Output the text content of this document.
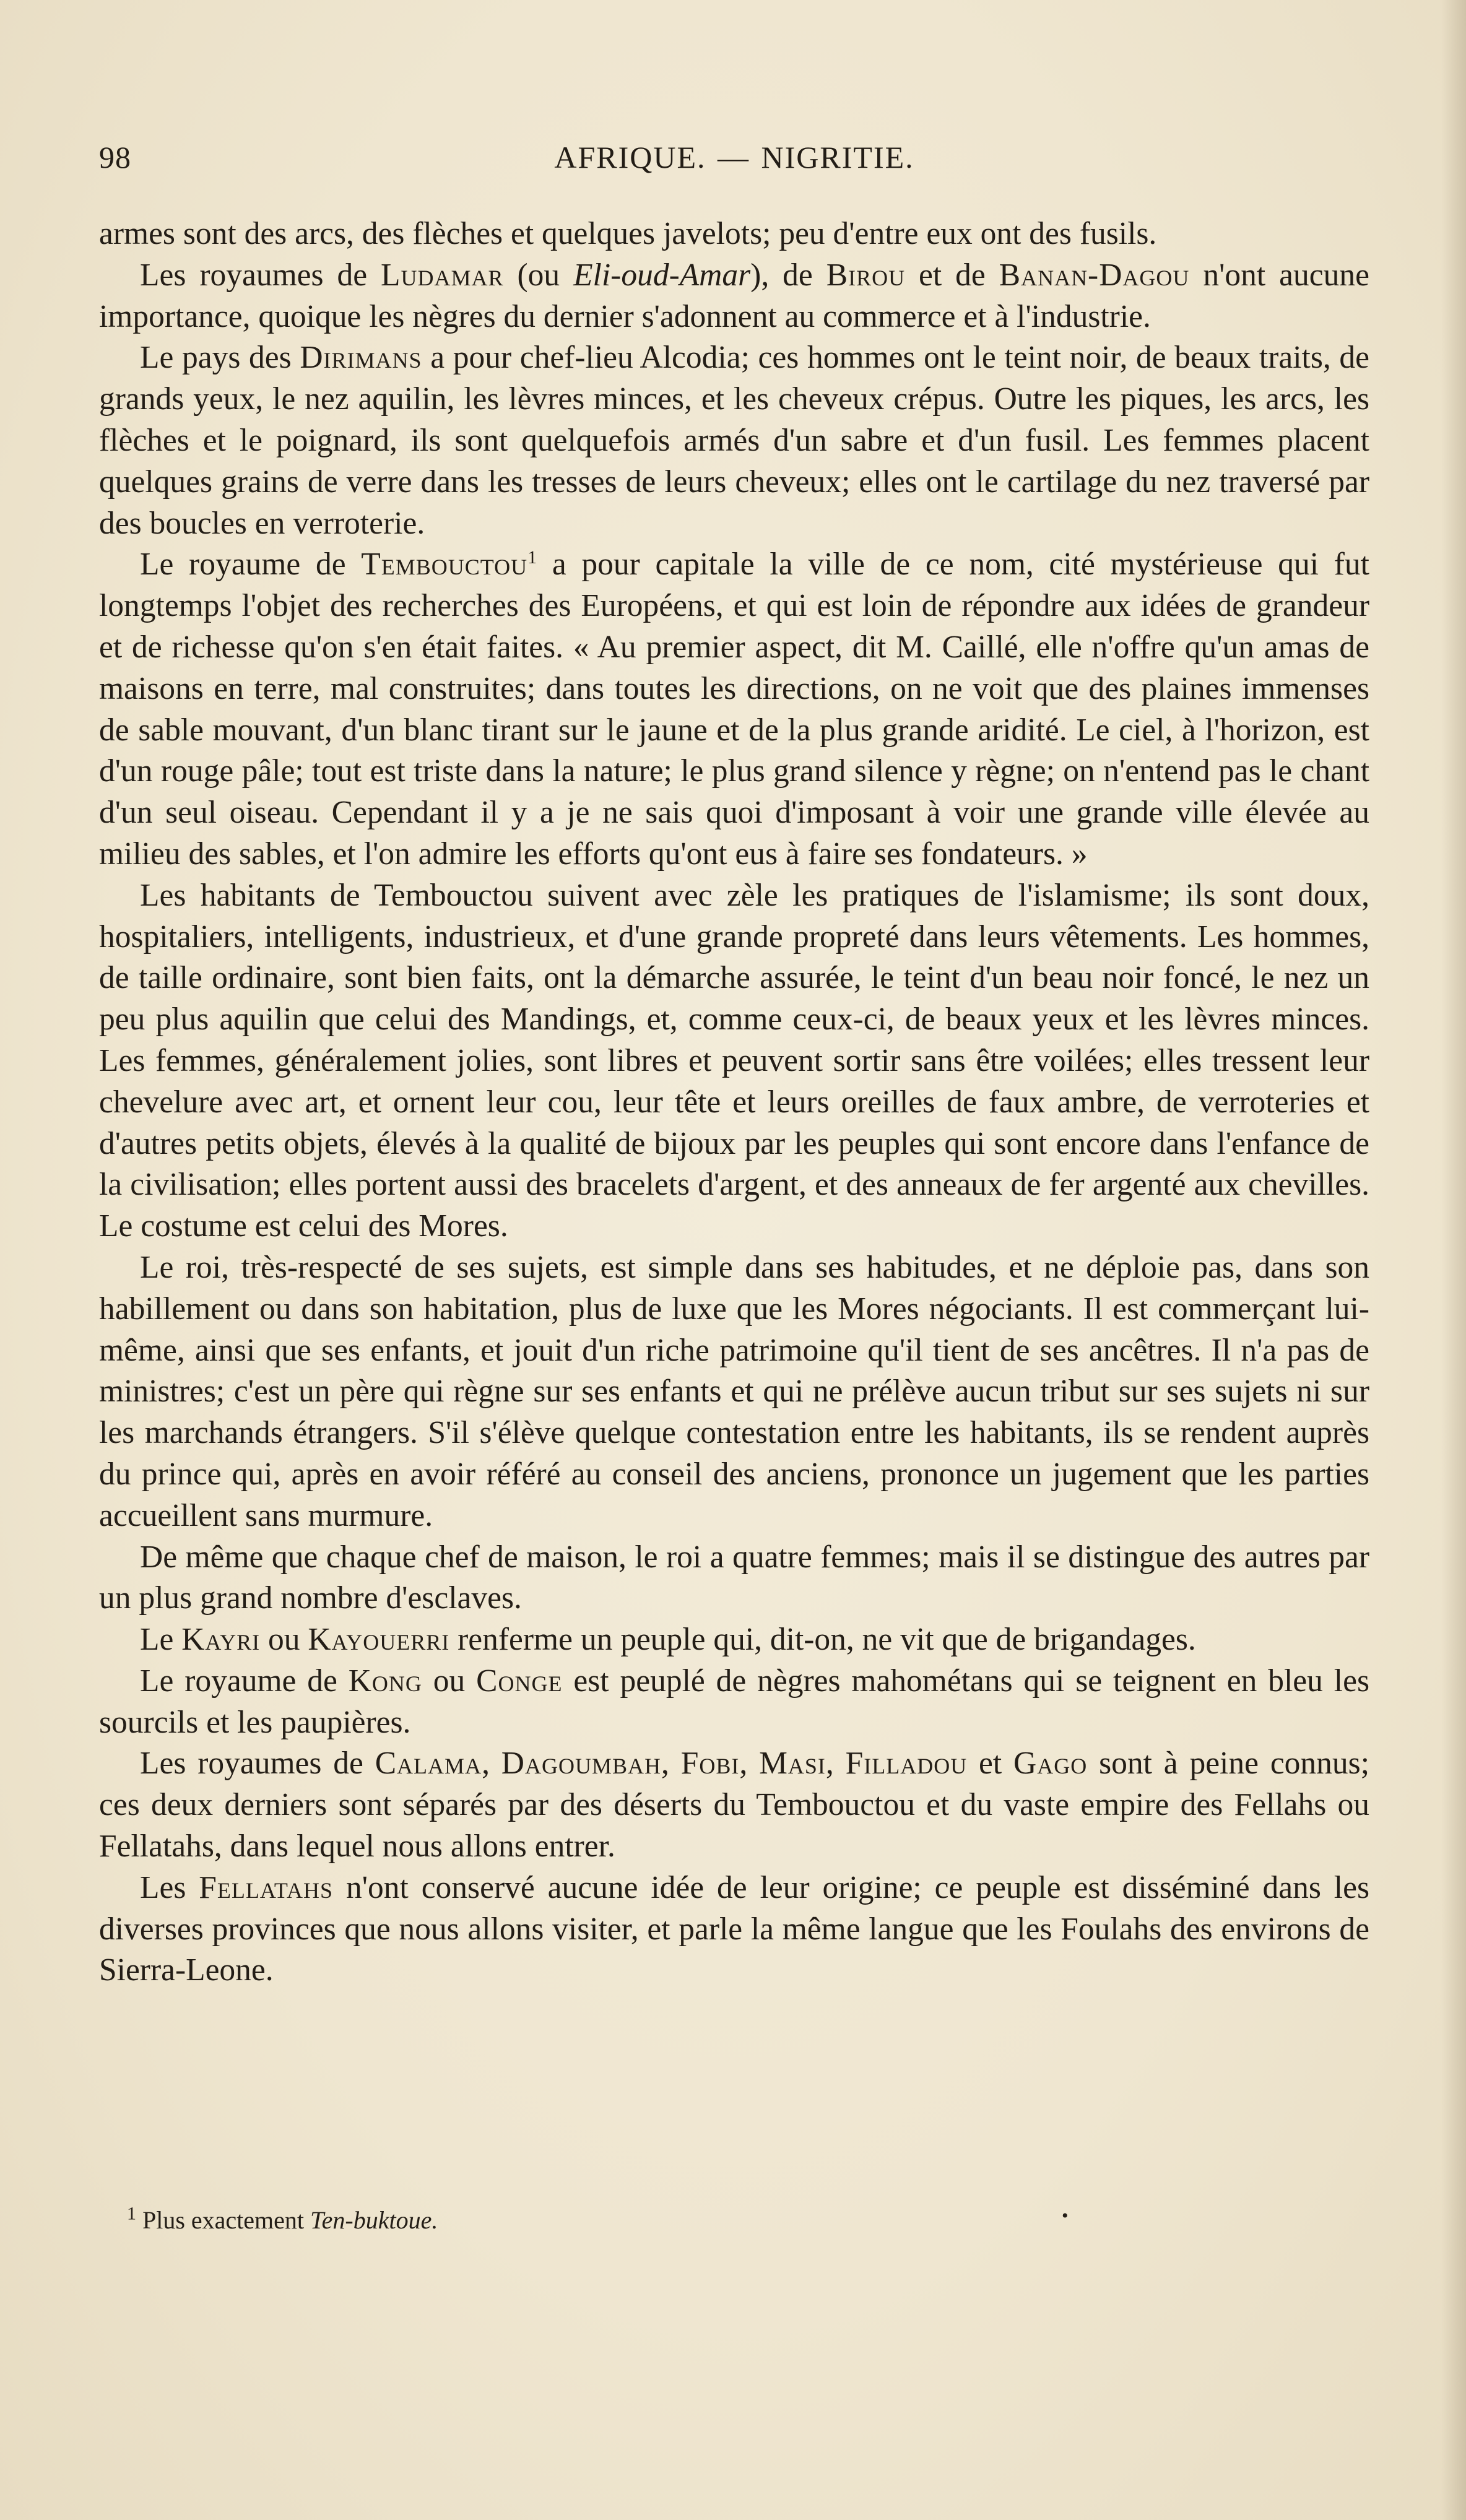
98	AFRIQUE. — NIGRITIE.

armes sont des arcs, des flèches et quelques javelots; peu d'entre eux ont des fusils.

Les royaumes de Ludamar (ou Eli-oud-Amar), de Birou et de Banan-Dagou n'ont aucune importance, quoique les nègres du dernier s'adonnent au commerce et à l'industrie.

Le pays des Dirimans a pour chef-lieu Alcodia; ces hommes ont le teint noir, de beaux traits, de grands yeux, le nez aquilin, les lèvres minces, et les cheveux crépus. Outre les piques, les arcs, les flèches et le poignard, ils sont quelquefois armés d'un sabre et d'un fusil. Les femmes placent quelques grains de verre dans les tresses de leurs cheveux; elles ont le cartilage du nez traversé par des boucles en verroterie.

Le royaume de Tembouctou$^1$ a pour capitale la ville de ce nom, cité mystérieuse qui fut longtemps l'objet des recherches des Européens, et qui est loin de répondre aux idées de grandeur et de richesse qu'on s'en était faites. « Au premier aspect, dit M. Caillé, elle n'offre qu'un amas de maisons en terre, mal construites; dans toutes les directions, on ne voit que des plaines immenses de sable mouvant, d'un blanc tirant sur le jaune et de la plus grande aridité. Le ciel, à l'horizon, est d'un rouge pâle; tout est triste dans la nature; le plus grand silence y règne; on n'entend pas le chant d'un seul oiseau. Cependant il y a je ne sais quoi d'imposant à voir une grande ville élevée au milieu des sables, et l'on admire les efforts qu'ont eus à faire ses fondateurs. »

Les habitants de Tembouctou suivent avec zèle les pratiques de l'islamisme; ils sont doux, hospitaliers, intelligents, industrieux, et d'une grande propreté dans leurs vêtements. Les hommes, de taille ordinaire, sont bien faits, ont la démarche assurée, le teint d'un beau noir foncé, le nez un peu plus aquilin que celui des Mandings, et, comme ceux-ci, de beaux yeux et les lèvres minces. Les femmes, généralement jolies, sont libres et peuvent sortir sans être voilées; elles tressent leur chevelure avec art, et ornent leur cou, leur tête et leurs oreilles de faux ambre, de verroteries et d'autres petits objets, élevés à la qualité de bijoux par les peuples qui sont encore dans l'enfance de la civilisation; elles portent aussi des bracelets d'argent, et des anneaux de fer argenté aux chevilles. Le costume est celui des Mores.

Le roi, très-respecté de ses sujets, est simple dans ses habitudes, et ne déploie pas, dans son habillement ou dans son habitation, plus de luxe que les Mores négociants. Il est commerçant lui-même, ainsi que ses enfants, et jouit d'un riche patrimoine qu'il tient de ses ancêtres. Il n'a pas de ministres; c'est un père qui règne sur ses enfants et qui ne prélève aucun tribut sur ses sujets ni sur les marchands étrangers. S'il s'élève quelque contestation entre les habitants, ils se rendent auprès du prince qui, après en avoir référé au conseil des anciens, prononce un jugement que les parties accueillent sans murmure.

De même que chaque chef de maison, le roi a quatre femmes; mais il se distingue des autres par un plus grand nombre d'esclaves.

Le Kayri ou Kayouerri renferme un peuple qui, dit-on, ne vit que de brigandages.

Le royaume de Kong ou Conge est peuplé de nègres mahométans qui se teignent en bleu les sourcils et les paupières.

Les royaumes de Calama, Dagoumbah, Fobi, Masi, Filladou et Gago sont à peine connus; ces deux derniers sont séparés par des déserts du Tembouctou et du vaste empire des Fellahs ou Fellatahs, dans lequel nous allons entrer.

Les Fellatahs n'ont conservé aucune idée de leur origine; ce peuple est disséminé dans les diverses provinces que nous allons visiter, et parle la même langue que les Foulahs des environs de Sierra-Leone.

$^1$ Plus exactement Ten-buktoue.	•
